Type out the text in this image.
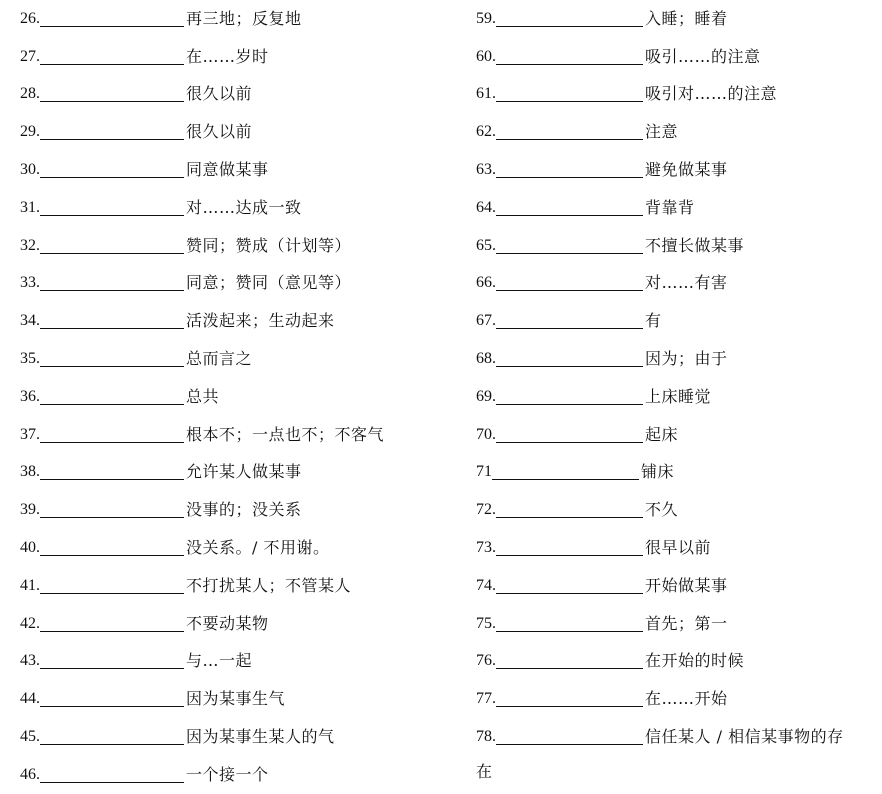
26.	再三地；反复地
27.	在……岁时
28.	很久以前
29.	很久以前
30.	同意做某事
31.	对……达成一致
32.	赞同；赞成（计划等）
33.	同意；赞同（意见等）
34.	活泼起来；生动起来
35.	总而言之
36.	总共
37.	根本不；一点也不；不客气
38.	允许某人做某事
39.	没事的；没关系
40.	没关系。/ 不用谢。
41.	不打扰某人；不管某人
42.	不要动某物
43.	与…一起
44.	因为某事生气
45.	因为某事生某人的气
46.	一个接一个
59.	入睡；睡着
60.	吸引……的注意
61.	吸引对……的注意
62.	注意
63.	避免做某事
64.	背靠背
65.	不擅长做某事
66.	对……有害
67.	有
68.	因为；由于
69.	上床睡觉
70.	起床
71	铺床
72.	不久
73.	很早以前
74.	开始做某事
75.	首先；第一
76.	在开始的时候
77.	在……开始
78.	信任某人 / 相信某事物的存
在
